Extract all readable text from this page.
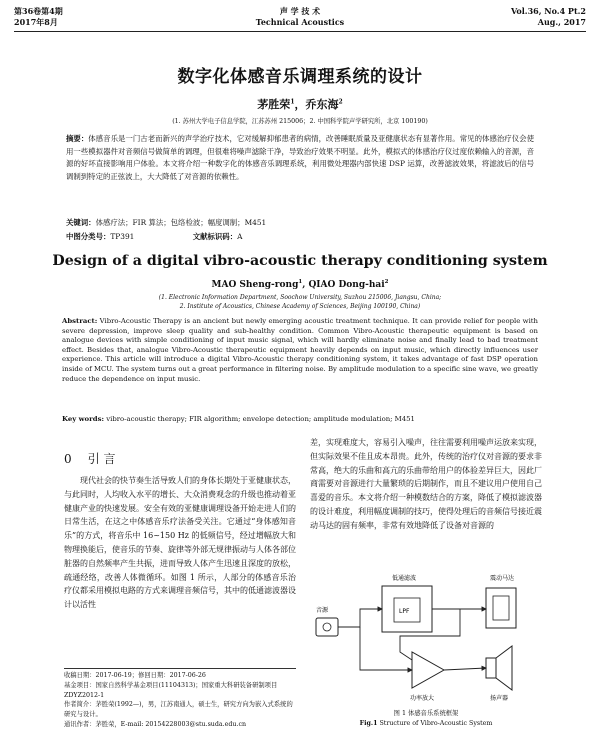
第36卷第4期
2017年8月
声 学 技 术
Technical Acoustics
Vol.36, No.4 Pt.2
Aug., 2017
数字化体感音乐调理系统的设计
茅胜荣$^1$，乔东海$^2$
(1. 苏州大学电子信息学院，江苏苏州 215006；2. 中国科学院声学研究所，北京 100190)
摘要：体感音乐是一门古老而新兴的声学治疗技术，它对缓解抑郁患者的病情，改善睡眠质量及亚健康状态有显著作用。常见的体感治疗仪会使用一些模拟器件对音频信号做简单的调理，但很难将噪声滤除干净，导致治疗效果不明显。此外，模拟式的体感治疗仪过度依赖输入的音源，音源的好坏直接影响用户体验。本文将介绍一种数字化的体感音乐调理系统，利用微处理器内部快速 DSP 运算，改善滤波效果，将滤波后的信号调制到特定的正弦波上，大大降低了对音源的依赖性。
关键词：体感疗法；FIR 算法；包络检波；幅度调制；M451
中图分类号：TP391	文献标识码：A
Design of a digital vibro-acoustic therapy conditioning system
MAO Sheng-rong$^1$, QIAO Dong-hai$^2$
(1. Electronic Information Department, Soochow University, Suzhou 215006, Jiangsu, China;
2. Institute of Acoustics, Chinese Academy of Sciences, Beijing 100190, China)
Abstract: Vibro-Acoustic Therapy is an ancient but newly emerging acoustic treatment technique. It can provide relief for people with severe depression, improve sleep quality and sub-healthy condition. Common Vibro-Acoustic therapeutic equipment is based on analogue devices with simple conditioning of input music signal, which will hardly eliminate noise and finally lead to bad treatment effect. Besides that, analogue Vibro-Acoustic therapeutic equipment heavily depends on input music, which directly influences user experience. This article will introduce a digital Vibro-Acoustic therapy conditioning system, it takes advantage of fast DSP operation inside of MCU. The system turns out a great performance in filtering noise. By amplitude modulation to a specific sine wave, we greatly reduce the dependence on input music.
Key words: vibro-acoustic therapy; FIR algorithm; envelope detection; amplitude modulation; M451
0 引 言

现代社会的快节奏生活导致人们的身体长期处于亚健康状态，与此同时，人均收入水平的增长、大众消费观念的升级也推动着亚健康产业的快速发展。安全有效的亚健康调理设备开始走进人们的日常生活，在这之中体感音乐疗法备受关注。它通过“身体感知音乐”的方式，将音乐中 16~150 Hz 的低频信号，经过增幅放大和物理换能后，使音乐的节奏、旋律等外部无规律振动与人体各部位脏器的自然频率产生共振，进而导致人体产生迅速且深度的放松，疏通经络，改善人体微循环。如图 1 所示，人部分的体感音乐治疗仪都采用模拟电路的方式来调理音频信号，其中的低通滤波器设计以活性

收稿日期：2017-06-19；修回日期：2017-06-26
基金项目：国家自然科学基金项目(11104313)；国家重大科研装备研制项目 ZDYZ2012-1
作者简介：茅胜荣(1992—)，男，江苏南通人，硕士生，研究方向为嵌入式系统的研究与设计。
通讯作者：茅胜荣，E-mail: 20154228003@stu.suda.edu.cn

差，实现难度大，容易引入噪声，往往需要利用噪声运放来实现，但实际效果不佳且成本昂贵。此外，传统的治疗仪对音源的要求非常高，绝大的乐曲和高亢的乐曲带给用户的体验差异巨大，因此厂商需要对音源进行大量繁琐的后期制作，而且不建议用户使用自己喜爱的音乐。本文将介绍一种模数结合的方案，降低了模拟滤波器的设计难度，利用幅度调制的技巧，使得处理后的音频信号接近震动马达的固有频率，非常有效地降低了设备对音源的

音源
低通滤波
LPF
功率放大
震动马达
扬声器
图 1 体感音乐系统框架
Fig.1 Structure of Vibro-Acoustic System
